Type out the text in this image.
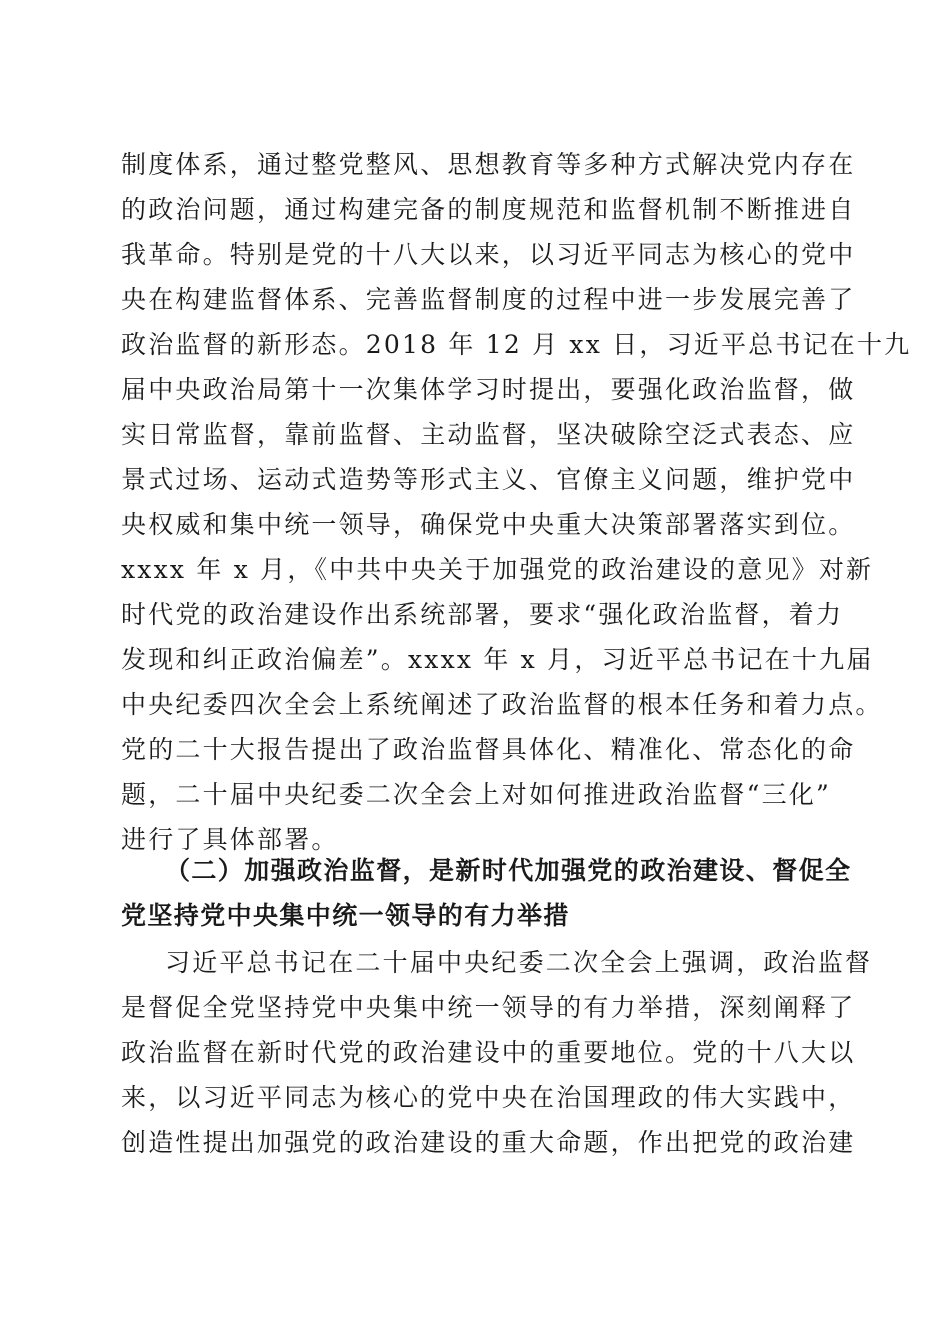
制度体系，通过整党整风、思想教育等多种方式解决党内存在
的政治问题，通过构建完备的制度规范和监督机制不断推进自
我革命。特别是党的十八大以来，以习近平同志为核心的党中
央在构建监督体系、完善监督制度的过程中进一步发展完善了
政治监督的新形态。2018 年 12 月 xx 日，习近平总书记在十九
届中央政治局第十一次集体学习时提出，要强化政治监督，做
实日常监督，靠前监督、主动监督，坚决破除空泛式表态、应
景式过场、运动式造势等形式主义、官僚主义问题，维护党中
央权威和集中统一领导，确保党中央重大决策部署落实到位。
xxxx 年 x 月，《中共中央关于加强党的政治建设的意见》对新
时代党的政治建设作出系统部署，要求“强化政治监督，着力
发现和纠正政治偏差”。xxxx 年 x 月，习近平总书记在十九届
中央纪委四次全会上系统阐述了政治监督的根本任务和着力点。
党的二十大报告提出了政治监督具体化、精准化、常态化的命
题，二十届中央纪委二次全会上对如何推进政治监督“三化”
进行了具体部署。
（二）加强政治监督，是新时代加强党的政治建设、督促全
党坚持党中央集中统一领导的有力举措
习近平总书记在二十届中央纪委二次全会上强调，政治监督
是督促全党坚持党中央集中统一领导的有力举措，深刻阐释了
政治监督在新时代党的政治建设中的重要地位。党的十八大以
来，以习近平同志为核心的党中央在治国理政的伟大实践中，
创造性提出加强党的政治建设的重大命题，作出把党的政治建
